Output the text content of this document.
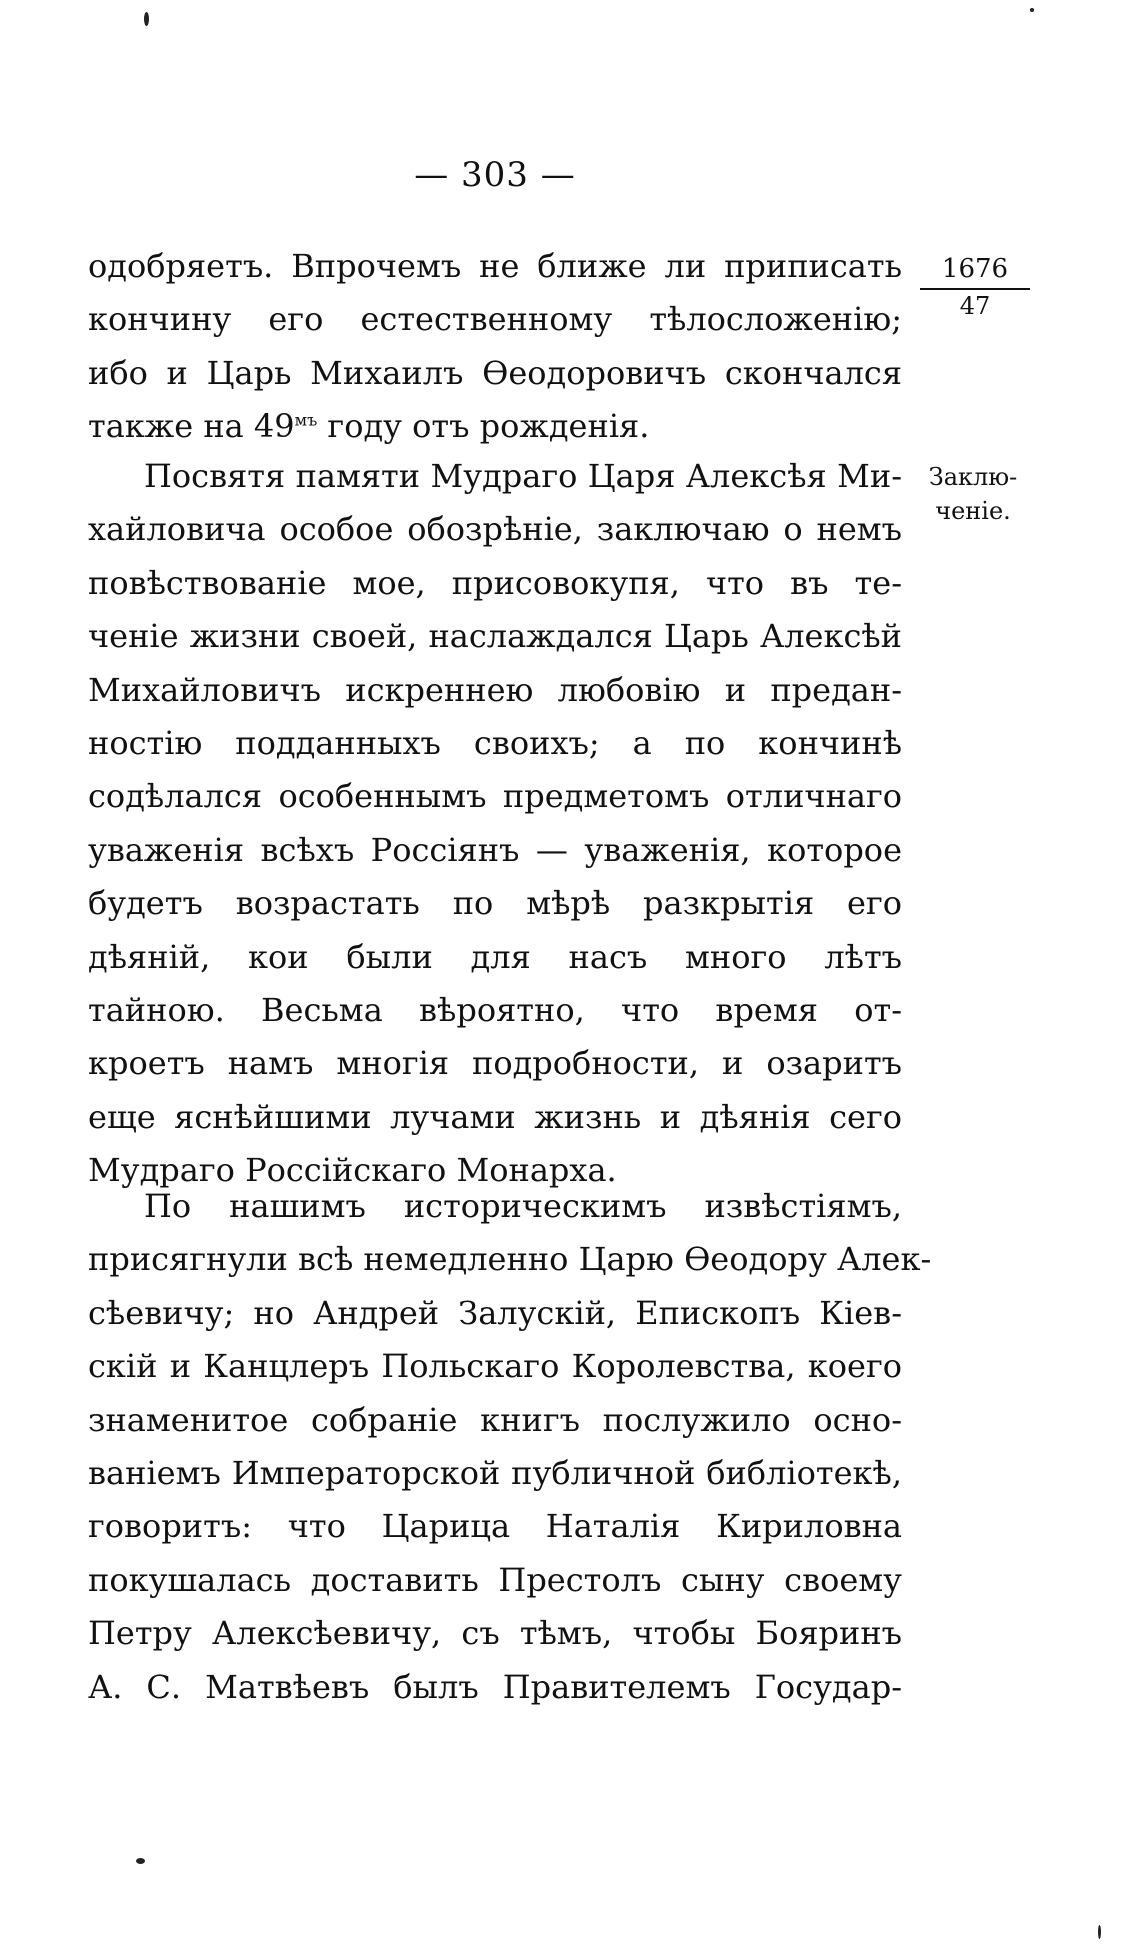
— 303 —
1676
47
Заклю-
ченіе.
одобряетъ. Впрочемъ не ближе ли приписать
кончину его естественному тѣлосложенію;
ибо и Царь Михаилъ Ѳеодоровичъ скончался
также на $49^{мъ}$ году отъ рожденія.
Посвятя памяти Мудраго Царя Алексѣя Ми-
хайловича особое обозрѣніе, заключаю о немъ
повѣствованіе мое, присовокупя, что въ те-
ченіе жизни своей, наслаждался Царь Алексѣй
Михайловичъ искреннею любовію и предан-
ностію подданныхъ своихъ; а по кончинѣ
содѣлался особеннымъ предметомъ отличнаго
уваженія всѣхъ Россіянъ — уваженія, которое
будетъ возрастать по мѣрѣ разкрытія его
дѣяній, кои были для насъ много лѣтъ
тайною. Весьма вѣроятно, что время от-
кроетъ намъ многія подробности, и озаритъ
еще яснѣйшими лучами жизнь и дѣянія сего
Мудраго Россійскаго Монарха.
По нашимъ историческимъ извѣстіямъ,
присягнули всѣ немедленно Царю Ѳеодору Алек-
сѣевичу; но Андрей Залускій, Епископъ Кіев-
скій и Канцлеръ Польскаго Королевства, коего
знаменитое собраніе книгъ послужило осно-
ваніемъ Императорской публичной библіотекѣ,
говоритъ: что Царица Наталія Кириловна
покушалась доставить Престолъ сыну своему
Петру Алексѣевичу, съ тѣмъ, чтобы Бояринъ
А. С. Матвѣевъ былъ Правителемъ Государ-
